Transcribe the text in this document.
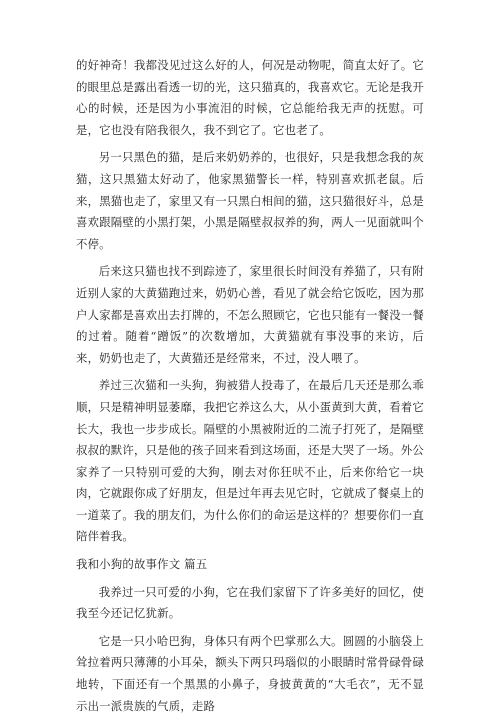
的好神奇！我都没见过这么好的人，何况是动物呢，简直太好了。它的眼里总是露出看透一切的光，这只猫真的，我喜欢它。无论是我开心的时候，还是因为小事流泪的时候，它总能给我无声的抚慰。可是，它也没有陪我很久，我不到它了。它也老了。

另一只黑色的猫，是后来奶奶养的，也很好，只是我想念我的灰猫，这只黑猫太好动了，他家黑猫警长一样，特别喜欢抓老鼠。后来，黑猫也走了，家里又有一只黑白相间的猫，这只猫很好斗，总是喜欢跟隔壁的小黑打架，小黑是隔壁叔叔养的狗，两人一见面就叫个不停。

后来这只猫也找不到踪迹了，家里很长时间没有养猫了，只有附近别人家的大黄猫跑过来，奶奶心善，看见了就会给它饭吃，因为那户人家都是喜欢出去打牌的，不怎么照顾它，它也只能有一餐没一餐的过着。随着“蹭饭”的次数增加，大黄猫就有事没事的来访，后来，奶奶也走了，大黄猫还是经常来，不过，没人喂了。

养过三次猫和一头狗，狗被猎人投毒了，在最后几天还是那么乖顺，只是精神明显萎靡，我把它养这么大，从小蛋黄到大黄，看着它长大，我也一步步成长。隔壁的小黑被附近的二流子打死了，是隔壁叔叔的默许，只是他的孩子回来看到这场面，还是大哭了一场。外公家养了一只特别可爱的大狗，刚去对你狂吠不止，后来你给它一块肉，它就跟你成了好朋友，但是过年再去见它时，它就成了餐桌上的一道菜了。我的朋友们，为什么你们的命运是这样的？想要你们一直陪伴着我。

我和小狗的故事作文 篇五

我养过一只可爱的小狗，它在我们家留下了许多美好的回忆，使我至今还记忆犹新。

它是一只小哈巴狗，身体只有两个巴掌那么大。圆圆的小脑袋上耸拉着两只薄薄的小耳朵，额头下两只玛瑙似的小眼睛时常骨碌骨碌地转，下面还有一个黑黑的小鼻子，身披黄黄的“大毛衣”，无不显示出一派贵族的气质，走路
